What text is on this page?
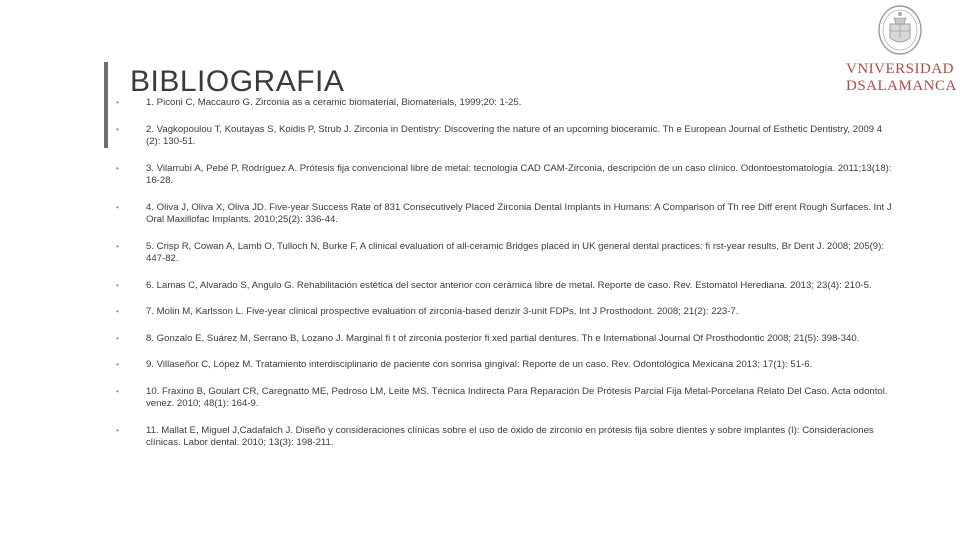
BIBLIOGRAFIA	VNIVERSIDAD
DSALAMANCA
•	1. Piconi C, Maccauro G. Zirconia as a ceramic biomaterial, Biomaterials, 1999;20: 1-25.
•	2. Vagkopoulou T, Koutayas S, Koidis P, Strub J. Zirconia in Dentistry: Discovering the nature of an upcoming bioceramic. Th e European Journal of Esthetic Dentistry, 2009 4 (2): 130-51.
•	3. Vilarrubí A, Pebé P, Rodríguez A. Prótesis fija convencional libre de metal: tecnología CAD CAM-Zirconia, descripción de un caso clínico. Odontoestomatología. 2011;13(18): 16-28.
•	4. Oliva J, Oliva X, Oliva JD. Five-year Success Rate of 831 Consecutively Placed Zirconia Dental Implants in Humans: A Comparison of Th ree Diff erent Rough Surfaces. Int J Oral Maxillofac Implants. 2010;25(2): 336-44.
•	5. Crisp R, Cowan A, Lamb O, Tulloch N, Burke F, A clinical evaluation of all-ceramic Bridges placed in UK general dental practices: fi rst-year results, Br Dent J. 2008; 205(9): 447-82.
•	6. Lamas C, Alvarado S, Angulo G. Rehabilitación estética del sector anterior con cerámica libre de metal. Reporte de caso. Rev. Estomatol Herediana. 2013; 23(4): 210-5.
•	7. Molin M, Karlsson L. Five-year clinical prospective evaluation of zirconia-based denzir 3-unit FDPs, Int J Prosthodont. 2008; 21(2): 223-7.
•	8. Gonzalo E, Suárez M, Serrano B, Lozano J. Marginal fi t of zirconia posterior fi xed partial dentures. Th e International Journal Of Prosthodontic 2008; 21(5): 398-340.
•	9. Villaseñor C, López M. Tratamiento interdisciplinario de paciente con sonrisa gingival: Reporte de un caso. Rev. Odontológica Mexicana 2013; 17(1): 51-6.
•	10. Fraxino B, Goulart CR, Caregnatto ME, Pedroso LM, Leite MS. Técnica Indirecta Para Reparación De Prótesis Parcial Fija Metal-Porcelana Relato Del Caso. Acta odontol. venez. 2010; 48(1): 164-9.
•	11. Mallat E, Miguel J,Cadafalch J. Diseño y consideraciones clínicas sobre el uso de óxido de zirconio en prótesis fija sobre dientes y sobre implantes (I): Consideraciones clínicas. Labor dental. 2010; 13(3): 198-211.
